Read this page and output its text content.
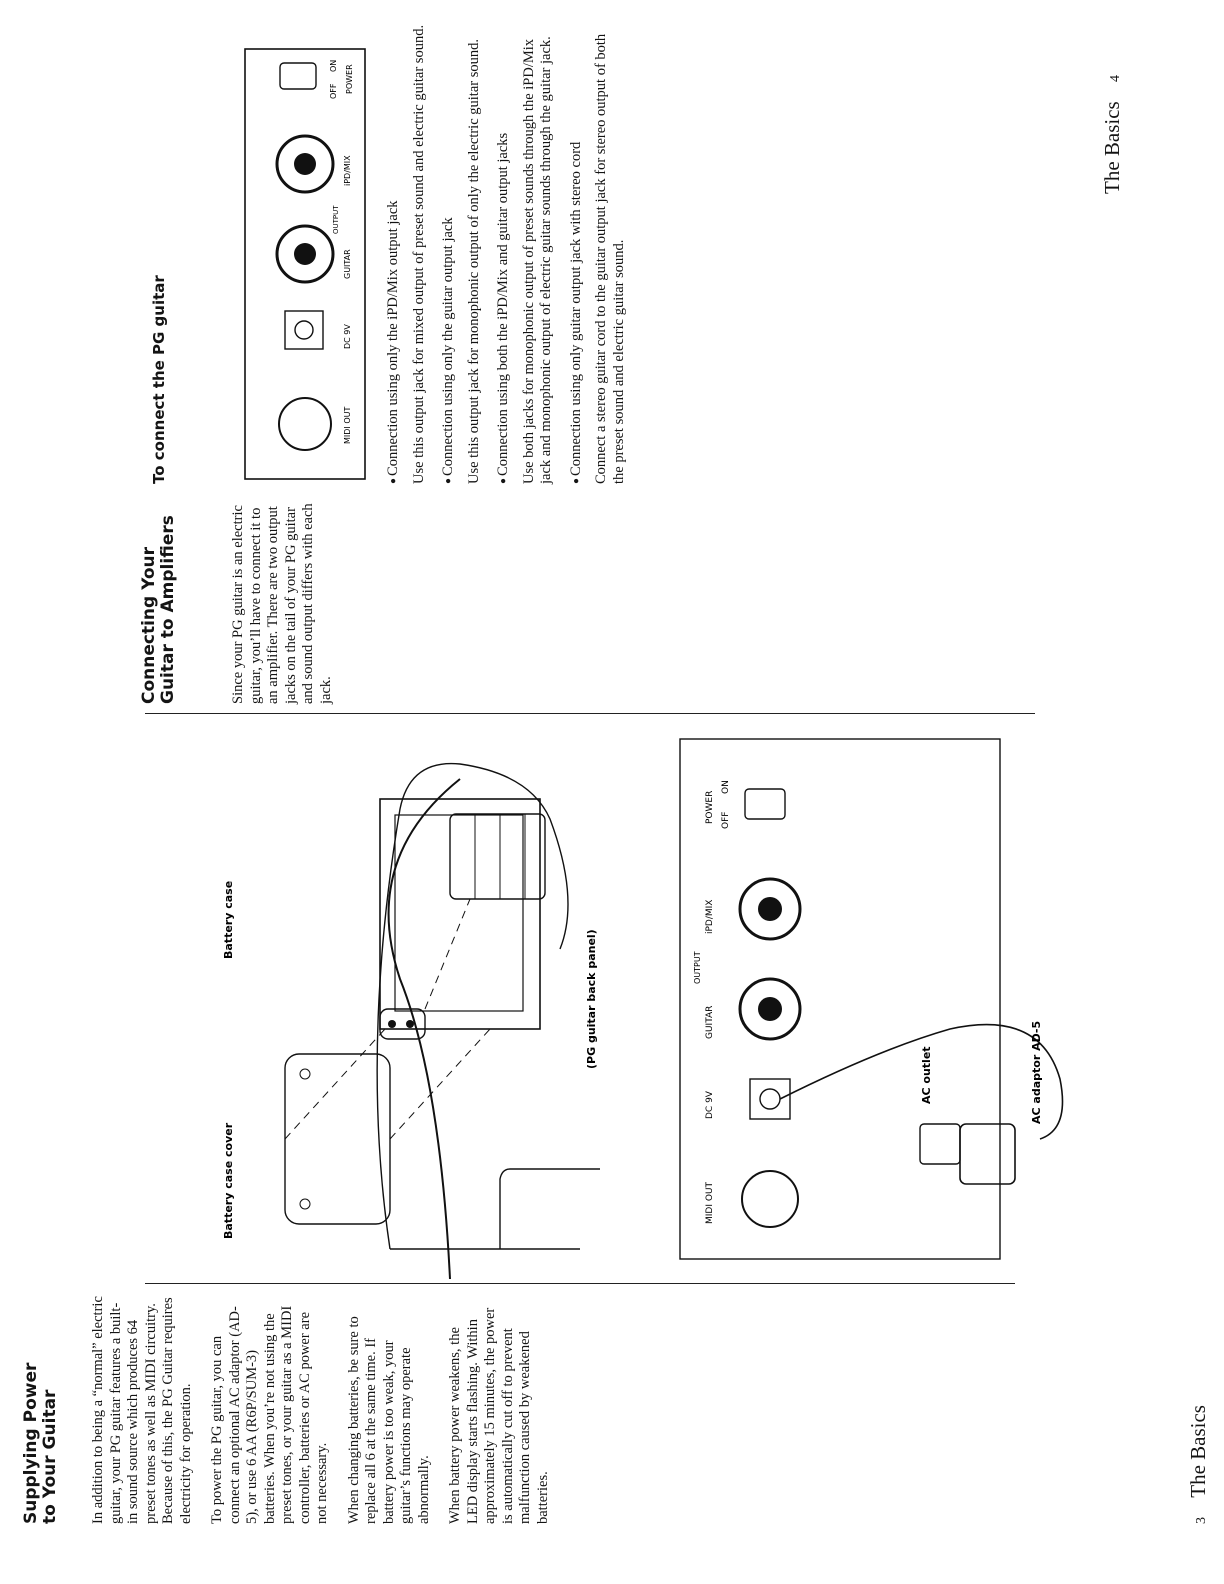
Supplying Power to Your Guitar In addition to being a “normal” electric guitar, your PG guitar features a built-in sound source which produces 64 preset tones as well as MIDI circuitry. Because of this, the PG Guitar requires electricity for operation. To power the PG guitar, you can connect an optional AC adaptor (AD-5), or use 6 AA (R6P/SUM-3) batteries. When you’re not using the preset tones, or your guitar as a MIDI controller, batteries or AC power are not necessary. When changing batteries, be sure to replace all 6 at the same time. If battery power is too weak, your guitar’s functions may operate abnormally. When battery power weakens, the LED display starts flashing. Within approximately 15 minutes, the power is automatically cut off to prevent malfunction caused by weakened batteries.

Battery case cover
Battery case
(PG guitar back panel)
MIDI OUT
DC 9V
OUTPUT
GUITAR
iPD/MIX
OFF
ON
POWER
AC outlet	AC adaptor AD-5
3 The Basics
Connecting Your Guitar to Amplifiers	Since your PG guitar is an electric guitar, you’ll have to connect it to an amplifier. There are two output jacks on the tail of your PG guitar and sound output differs with each jack.

To connect the PG guitar	MIDI OUT
DC 9V
OUTPUT
GUITAR
iPD/MIX
OFF
ON POWER
● Connection using only the iPD/Mix output jack Use this output jack for mixed output of preset sound and electric guitar sound. ● Connection using only the guitar output jack Use this output jack for monophonic output of only the electric guitar sound. ● Connection using both the iPD/Mix and guitar output jacks Use both jacks for monophonic output of preset sounds through the iPD/Mix jack and monophonic output of electric guitar sounds through the guitar jack. ● Connection using only guitar output jack with stereo cord Connect a stereo guitar cord to the guitar output jack for stereo output of both the preset sound and electric guitar sound.
The Basics 4
